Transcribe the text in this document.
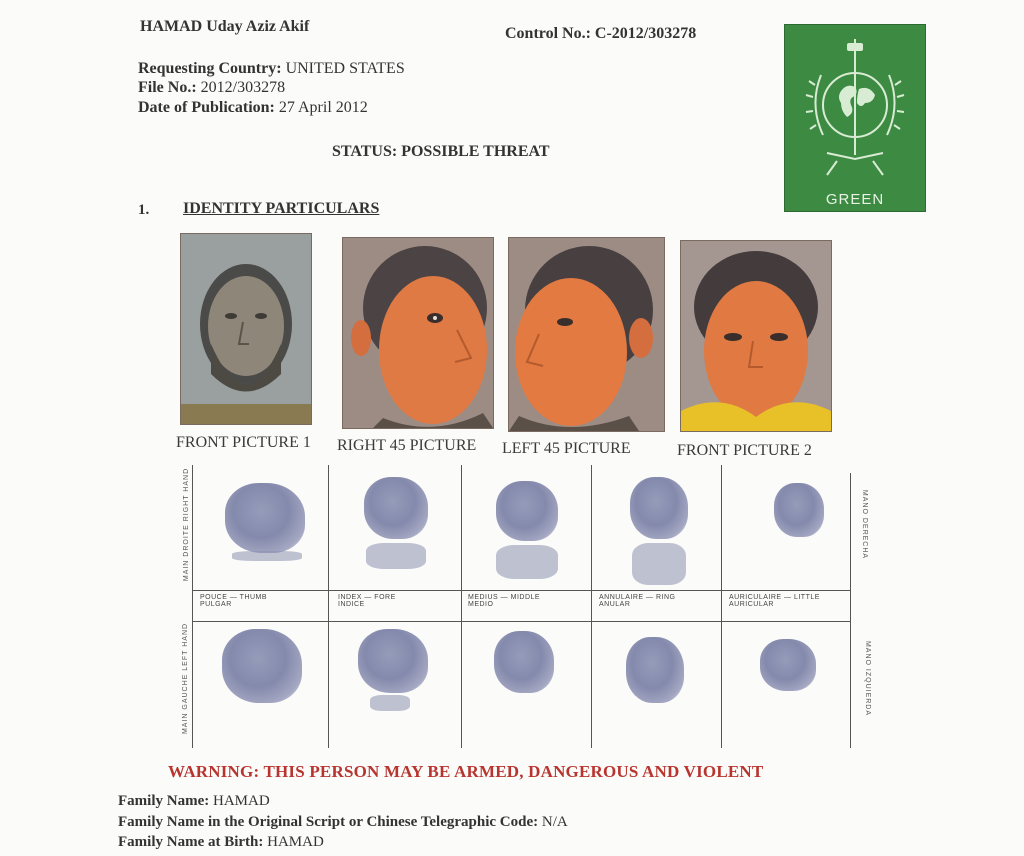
HAMAD Uday Aziz Akif	Control No.: C-2012/303278
Requesting Country: UNITED STATES
File No.: 2012/303278
Date of Publication: 27 April 2012
STATUS: POSSIBLE THREAT
GREEN
1. IDENTITY PARTICULARS
FRONT PICTURE 1 RIGHT 45 PICTURE LEFT 45 PICTURE	FRONT PICTURE 2
MAIN DROITE RIGHT HAND
MAIN GAUCHE LEFT HAND
MANO DERECHA
MANO IZQUIERDA
POUCE — THUMB
PULGAR
INDEX — FORE
INDICE
MEDIUS — MIDDLE
MEDIO
ANNULAIRE — RING
ANULAR
AURICULAIRE — LITTLE
AURICULAR
WARNING: THIS PERSON MAY BE ARMED, DANGEROUS AND VIOLENT
Family Name: HAMAD
Family Name in the Original Script or Chinese Telegraphic Code: N/A
Family Name at Birth: HAMAD
